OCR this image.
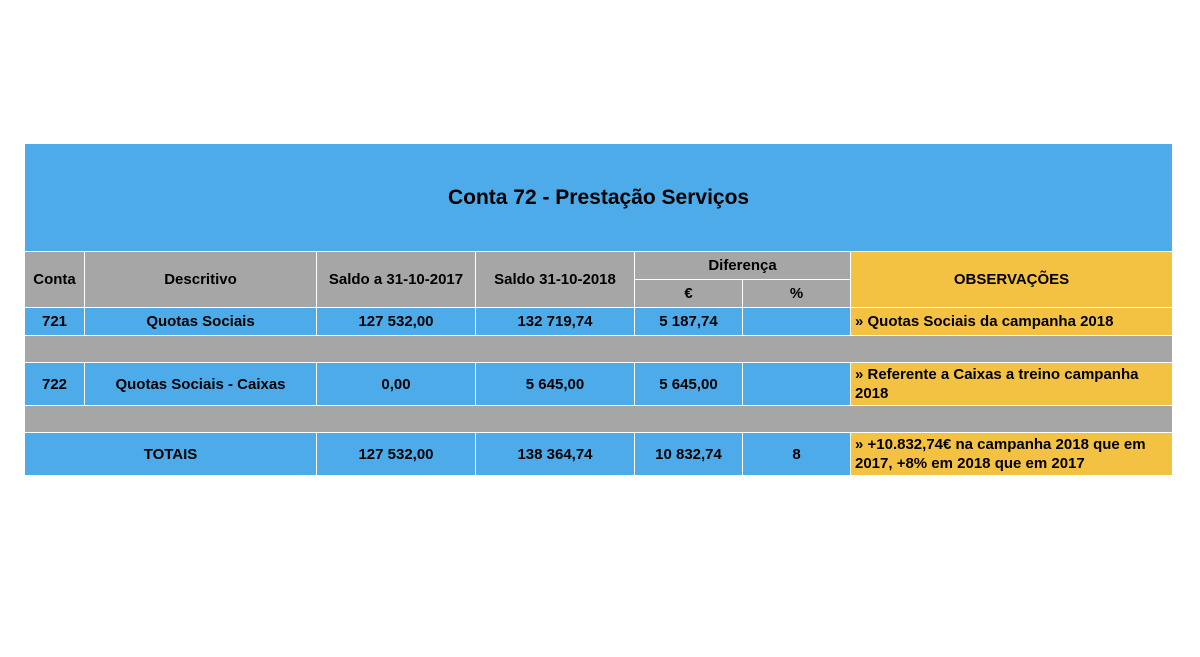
Conta 72 - Prestação Serviços						
Conta	Descritivo	Saldo a 31-10-2017	Saldo 31-10-2018	Diferença		OBSERVAÇÕES
				€	%	
721	Quotas Sociais	127 532,00	132 719,74	5 187,74		» Quotas Sociais da campanha 2018

722	Quotas Sociais - Caixas	0,00	5 645,00	5 645,00		» Referente a Caixas a treino campanha 2018

TOTAIS		127 532,00	138 364,74	10 832,74	8	» +10.832,74€ na campanha 2018 que em 2017, +8% em 2018 que em 2017
